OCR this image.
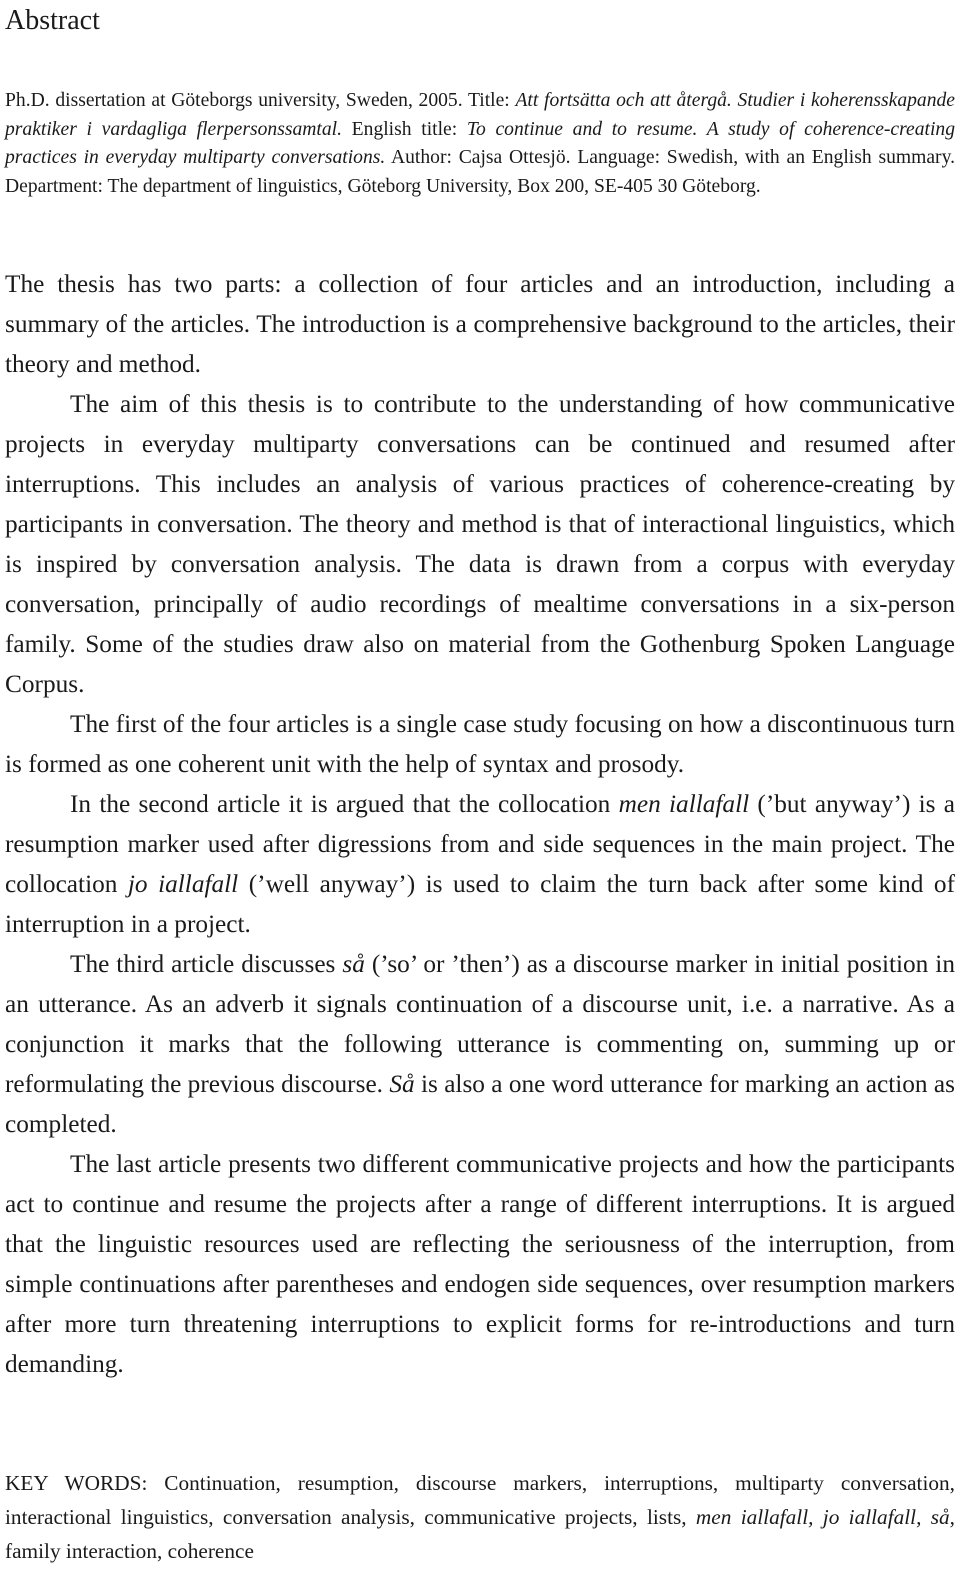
Abstract

Ph.D. dissertation at Göteborgs university, Sweden, 2005. Title: Att fortsätta och att återgå. Studier i koherensskapande praktiker i vardagliga flerpersonssamtal. English title: To continue and to resume. A study of coherence-creating practices in everyday multiparty conversations. Author: Cajsa Ottesjö. Language: Swedish, with an English summary. Department: The department of linguistics, Göteborg University, Box 200, SE-405 30 Göteborg.

The thesis has two parts: a collection of four articles and an introduction, including a summary of the articles. The introduction is a comprehensive background to the articles, their theory and method.

The aim of this thesis is to contribute to the understanding of how communicative projects in everyday multiparty conversations can be continued and resumed after interruptions. This includes an analysis of various practices of coherence-creating by participants in conversation. The theory and method is that of interactional linguistics, which is inspired by conversation analysis. The data is drawn from a corpus with everyday conversation, principally of audio recordings of mealtime conversations in a six-person family. Some of the studies draw also on material from the Gothenburg Spoken Language Corpus.

The first of the four articles is a single case study focusing on how a discontinuous turn is formed as one coherent unit with the help of syntax and prosody.

In the second article it is argued that the collocation men iallafall (’but anyway’) is a resumption marker used after digressions from and side sequences in the main project. The collocation jo iallafall (’well anyway’) is used to claim the turn back after some kind of interruption in a project.

The third article discusses så (’so’ or ’then’) as a discourse marker in initial position in an utterance. As an adverb it signals continuation of a discourse unit, i.e. a narrative. As a conjunction it marks that the following utterance is commenting on, summing up or reformulating the previous discourse. Så is also a one word utterance for marking an action as completed.

The last article presents two different communicative projects and how the participants act to continue and resume the projects after a range of different interruptions. It is argued that the linguistic resources used are reflecting the seriousness of the interruption, from simple continuations after parentheses and endogen side sequences, over resumption markers after more turn threatening interruptions to explicit forms for re-introductions and turn demanding.

KEY WORDS: Continuation, resumption, discourse markers, interruptions, multiparty conversation, interactional linguistics, conversation analysis, communicative projects, lists, men iallafall, jo iallafall, så, family interaction, coherence
